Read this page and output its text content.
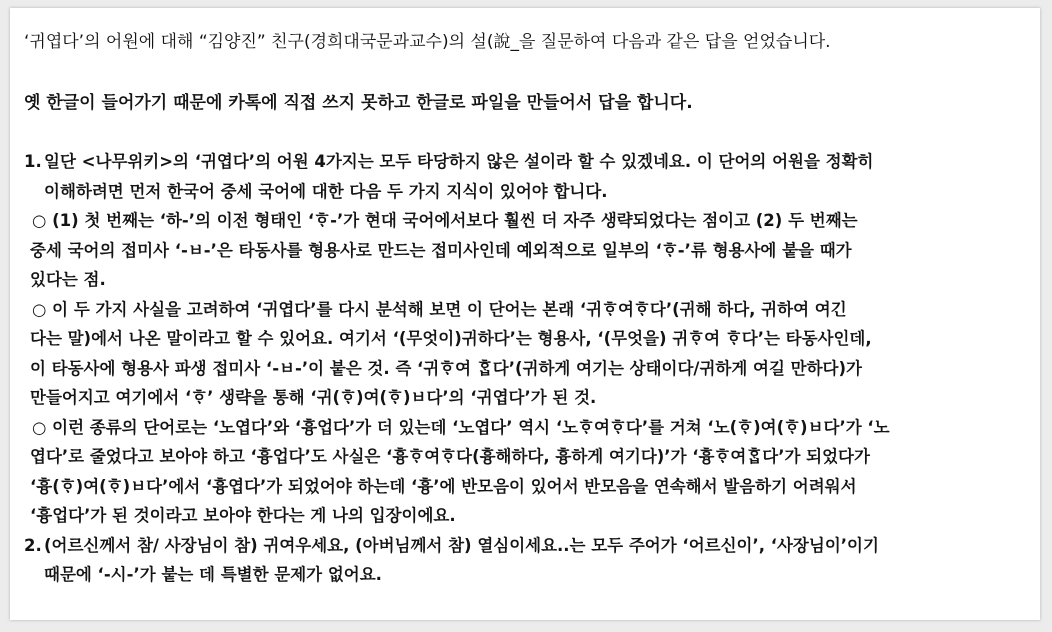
‘귀엽다’의 어원에 대해 “김양진” 친구(경희대국문과교수)의 설(說_을 질문하여 다음과 같은 답을 얻었습니다.

옛 한글이 들어가기 때문에 카톡에 직접 쓰지 못하고 한글로 파일을 만들어서 답을 합니다.

1. 일단 <나무위키>의 ‘귀엽다’의 어원 4가지는 모두 타당하지 않은 설이라 할 수 있겠네요. 이 단어의 어원을 정확히
이해하려면 먼저 한국어 중세 국어에 대한 다음 두 가지 지식이 있어야 합니다.
○ (1) 첫 번째는 ‘하-’의 이전 형태인 ‘ᄒᆞ-’가 현대 국어에서보다 훨씬 더 자주 생략되었다는 점이고 (2) 두 번째는
중세 국어의 접미사 ‘-ㅂ-’은 타동사를 형용사로 만드는 접미사인데 예외적으로 일부의 ‘ᄒᆞ-’류 형용사에 붙을 때가
있다는 점.
○ 이 두 가지 사실을 고려하여 ‘귀엽다’를 다시 분석해 보면 이 단어는 본래 ‘귀ᄒᆞ여ᄒᆞ다’(귀해 하다, 귀하여 여긴
다는 말)에서 나온 말이라고 할 수 있어요. 여기서 ‘(무엇이)귀하다’는 형용사, ‘(무엇을) 귀ᄒᆞ여 ᄒᆞ다’는 타동사인데,
이 타동사에 형용사 파생 접미사 ‘-ㅂ-’이 붙은 것. 즉 ‘귀ᄒᆞ여 ᄒᆞᆸ다’(귀하게 여기는 상태이다/귀하게 여길 만하다)가
만들어지고 여기에서 ‘ᄒᆞ’ 생략을 통해 ‘귀(ᄒᆞ)여(ᄒᆞ)ㅂ다’의 ‘귀엽다’가 된 것.
○ 이런 종류의 단어로는 ‘노엽다’와 ‘흉업다’가 더 있는데 ‘노엽다’ 역시 ‘노ᄒᆞ여ᄒᆞ다’를 거쳐 ‘노(ᄒᆞ)여(ᄒᆞ)ㅂ다’가 ‘노
엽다’로 줄었다고 보아야 하고 ‘흉업다’도 사실은 ‘흉ᄒᆞ여ᄒᆞ다(흉해하다, 흉하게 여기다)’가 ‘흉ᄒᆞ여ᄒᆞᆸ다’가 되었다가
‘흉(ᄒᆞ)여(ᄒᆞ)ㅂ다’에서 ‘흉엽다’가 되었어야 하는데 ‘흉’에 반모음이 있어서 반모음을 연속해서 발음하기 어려워서
‘흉업다’가 된 것이라고 보아야 한다는 게 나의 입장이에요.
2. (어르신께서 참/ 사장님이 참) 귀여우세요, (아버님께서 참) 열심이세요..는 모두 주어가 ‘어르신이’, ‘사장님이’이기
때문에 ‘-시-’가 붙는 데 특별한 문제가 없어요.
